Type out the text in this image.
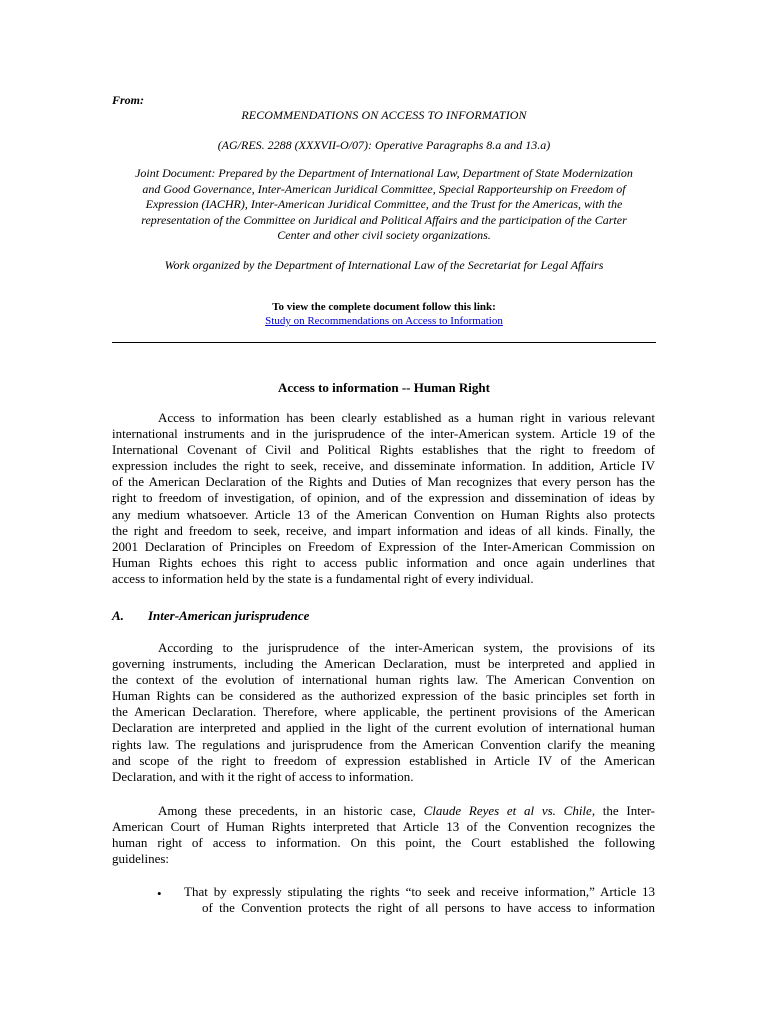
From:
RECOMMENDATIONS ON ACCESS TO INFORMATION
(AG/RES. 2288 (XXXVII-O/07): Operative Paragraphs 8.a and 13.a)
Joint Document: Prepared by the Department of International Law, Department of State Modernization
and Good Governance, Inter-American Juridical Committee, Special Rapporteurship on Freedom of
Expression (IACHR), Inter-American Juridical Committee, and the Trust for the Americas, with the
representation of the Committee on Juridical and Political Affairs and the participation of the Carter
Center and other civil society organizations.
Work organized by the Department of International Law of the Secretariat for Legal Affairs
To view the complete document follow this link:
Study on Recommendations on Access to Information
Access to information -- Human Right
Access to information has been clearly established as a human right in various relevant
international instruments and in the jurisprudence of the inter-American system. Article 19 of the
International Covenant of Civil and Political Rights establishes that the right to freedom of
expression includes the right to seek, receive, and disseminate information. In addition, Article IV
of the American Declaration of the Rights and Duties of Man recognizes that every person has the
right to freedom of investigation, of opinion, and of the expression and dissemination of ideas by
any medium whatsoever. Article 13 of the American Convention on Human Rights also protects
the right and freedom to seek, receive, and impart information and ideas of all kinds. Finally, the
2001 Declaration of Principles on Freedom of Expression of the Inter-American Commission on
Human Rights echoes this right to access public information and once again underlines that
access to information held by the state is a fundamental right of every individual.
A. Inter-American jurisprudence
According to the jurisprudence of the inter-American system, the provisions of its
governing instruments, including the American Declaration, must be interpreted and applied in
the context of the evolution of international human rights law. The American Convention on
Human Rights can be considered as the authorized expression of the basic principles set forth in
the American Declaration. Therefore, where applicable, the pertinent provisions of the American
Declaration are interpreted and applied in the light of the current evolution of international human
rights law. The regulations and jurisprudence from the American Convention clarify the meaning
and scope of the right to freedom of expression established in Article IV of the American
Declaration, and with it the right of access to information.
Among these precedents, in an historic case, Claude Reyes et al vs. Chile, the Inter-
American Court of Human Rights interpreted that Article 13 of the Convention recognizes the
human right of access to information. On this point, the Court established the following
guidelines:
• That by expressly stipulating the rights “to seek and receive information,” Article 13
of the Convention protects the right of all persons to have access to information
